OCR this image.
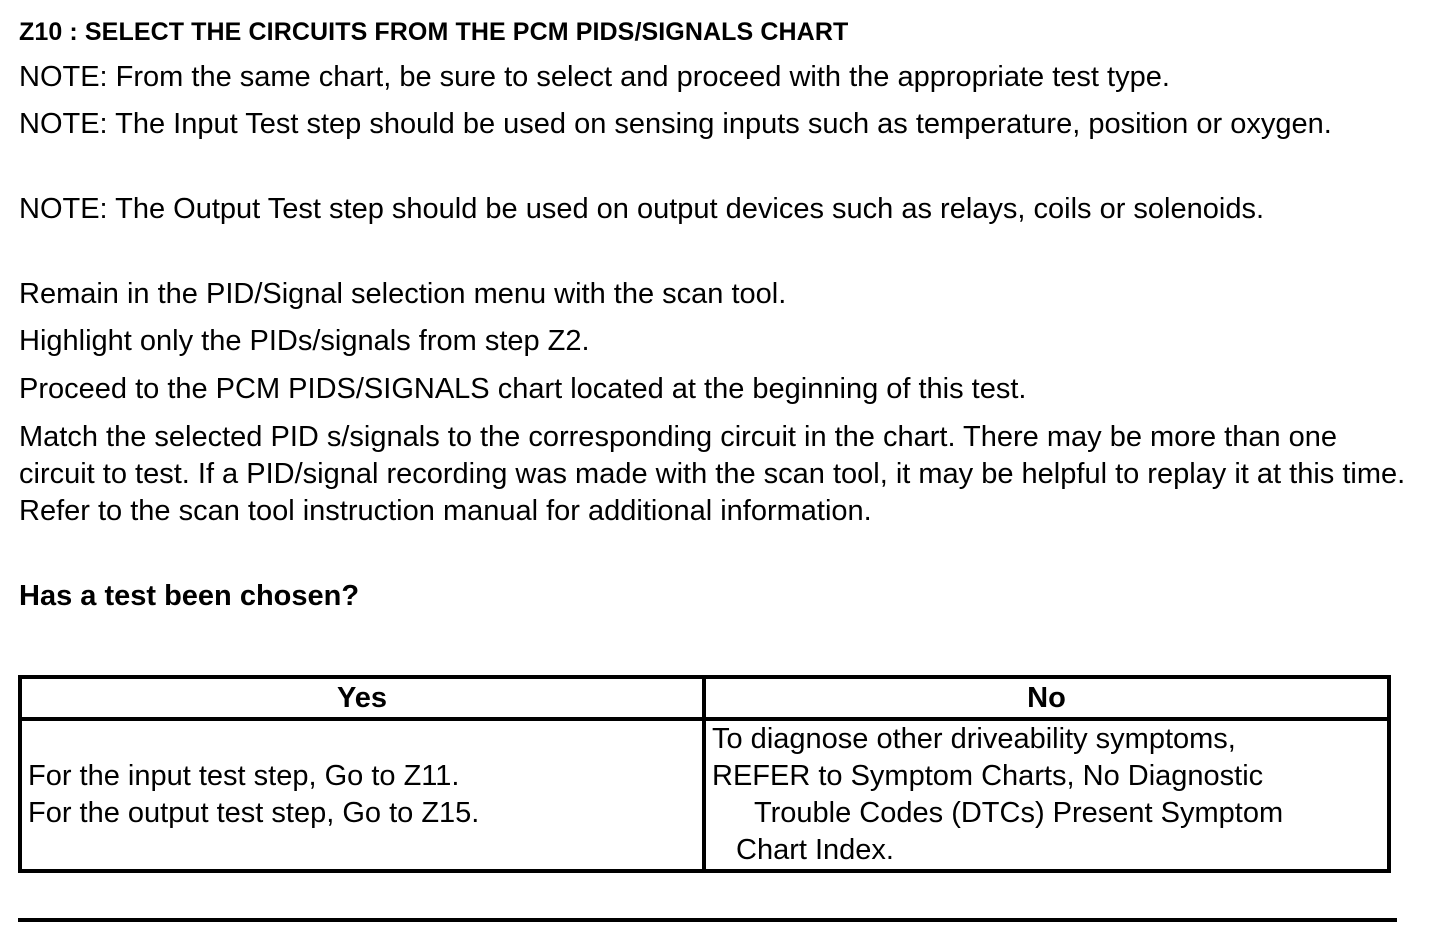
Z10 : SELECT THE CIRCUITS FROM THE PCM PIDS/SIGNALS CHART

NOTE: From the same chart, be sure to select and proceed with the appropriate test type.

NOTE: The Input Test step should be used on sensing inputs such as temperature, position or oxygen.

NOTE: The Output Test step should be used on output devices such as relays, coils or solenoids.

Remain in the PID/Signal selection menu with the scan tool.

Highlight only the PIDs/signals from step Z2.

Proceed to the PCM PIDS/SIGNALS chart located at the beginning of this test.

Match the selected PID s/signals to the corresponding circuit in the chart. There may be more than one circuit to test. If a PID/signal recording was made with the scan tool, it may be helpful to replay it at this time. Refer to the scan tool instruction manual for additional information.

Has a test been chosen?

Yes	No

For the input test step, Go to Z11.
For the output test step, Go to Z15.	To diagnose other driveability symptoms,
REFER to Symptom Charts, No Diagnostic
Trouble Codes (DTCs) Present Symptom
Chart Index.
